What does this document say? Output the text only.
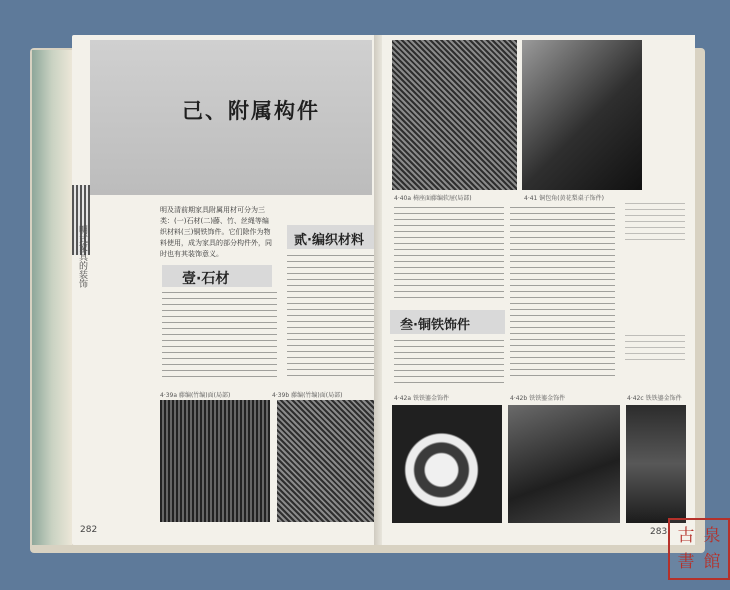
己、附属构件
明式家具的装饰
明及清前期家具附属用材可分为三类：(一)石材(二)藤、竹、丝绳等编织材料(三)铜铁饰件。它们除作为物料使用，成为家具的部分构件外，同时也有其装饰意义。
壹·石材
贰·编织材料
4·39a 藤编(竹编)面(局部)	4·39b 藤编(竹编)面(局部)
282
4·40a 椅座面藤编软屉(局部)	4·41 铜包角(黄花梨桌子饰件)
叁·铜铁饰件
4·42a 铁铁鎏金饰件	4·42b 铁铁鎏金饰件	4·42c 铁铁鎏金饰件
283 古 泉
書 館
